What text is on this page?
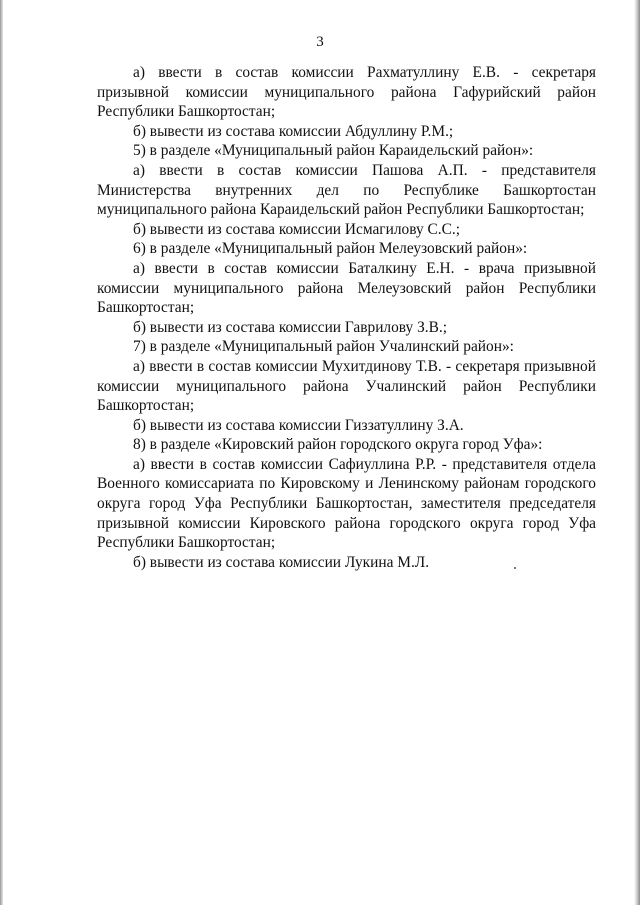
3

а) ввести в состав комиссии Рахматуллину Е.В. - секретаря призывной комиссии муниципального района Гафурийский район Республики Башкортостан;

б) вывести из состава комиссии Абдуллину Р.М.;

5) в разделе «Муниципальный район Караидельский район»:

а) ввести в состав комиссии Пашова А.П. - представителя Министерства внутренних дел по Республике Башкортостан муниципального района Караидельский район Республики Башкортостан;

б) вывести из состава комиссии Исмагилову С.С.;

6) в разделе «Муниципальный район Мелеузовский район»:

а) ввести в состав комиссии Баталкину Е.Н. - врача призывной комиссии муниципального района Мелеузовский район Республики Башкортостан;

б) вывести из состава комиссии Гаврилову З.В.;

7) в разделе «Муниципальный район Учалинский район»:

а) ввести в состав комиссии Мухитдинову Т.В. - секретаря призывной комиссии муниципального района Учалинский район Республики Башкортостан;

б) вывести из состава комиссии Гиззатуллину З.А.

8) в разделе «Кировский район городского округа город Уфа»:

а) ввести в состав комиссии Сафиуллина Р.Р. - представителя отдела Военного комиссариата по Кировскому и Ленинскому районам городского округа город Уфа Республики Башкортостан, заместителя председателя призывной комиссии Кировского района городского округа город Уфа Республики Башкортостан;

б) вывести из состава комиссии Лукина М.Л.
